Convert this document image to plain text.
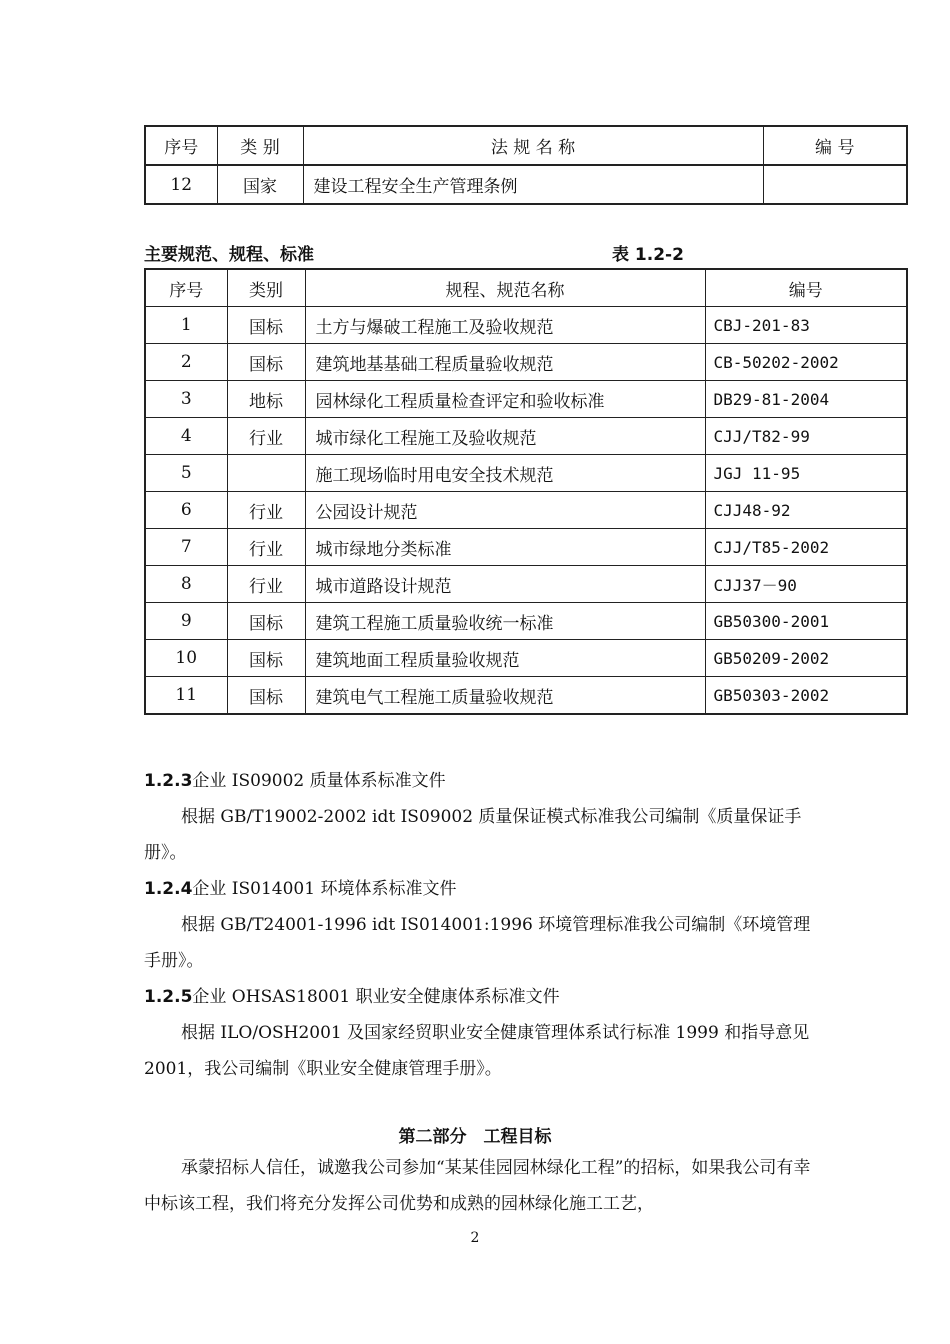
序号	类 别	法 规 名 称	编 号
12	国家	建设工程安全生产管理条例	
主要规范、规程、标准	表 1.2-2
序号	类别	规程、规范名称	编号
1	国标	土方与爆破工程施工及验收规范	CBJ-201-83
2	国标	建筑地基基础工程质量验收规范	CB-50202-2002
3	地标	园林绿化工程质量检查评定和验收标准	DB29-81-2004
4	行业	城市绿化工程施工及验收规范	CJJ/T82-99
5		施工现场临时用电安全技术规范	JGJ 11-95
6	行业	公园设计规范	CJJ48-92
7	行业	城市绿地分类标准	CJJ/T85-2002
8	行业	城市道路设计规范	CJJ37－90
9	国标	建筑工程施工质量验收统一标准	GB50300-2001
10	国标	建筑地面工程质量验收规范	GB50209-2002
11	国标	建筑电气工程施工质量验收规范	GB50303-2002

1.2.3企业 IS09002 质量体系标准文件

根据 GB/T19002-2002 idt IS09002 质量保证模式标准我公司编制《质量保证手册》。

1.2.4企业 IS014001 环境体系标准文件

根据 GB/T24001-1996 idt IS014001:1996 环境管理标准我公司编制《环境管理手册》。

1.2.5企业 OHSAS18001 职业安全健康体系标准文件

根据 ILO/OSH2001 及国家经贸职业安全健康管理体系试行标准 1999 和指导意见 2001，我公司编制《职业安全健康管理手册》。

第二部分　工程目标

承蒙招标人信任，诚邀我公司参加“某某佳园园林绿化工程”的招标，如果我公司有幸中标该工程，我们将充分发挥公司优势和成熟的园林绿化施工工艺，

2
